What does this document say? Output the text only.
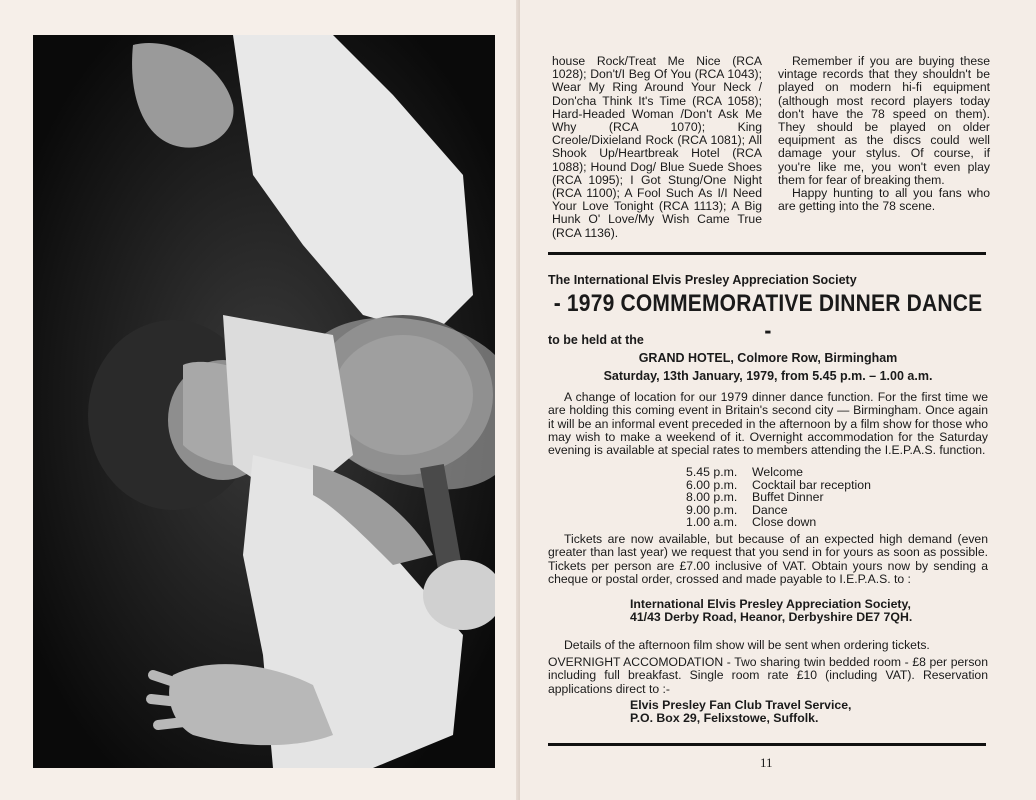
house Rock/Treat Me Nice (RCA 1028); Don't/I Beg Of You (RCA 1043); Wear My Ring Around Your Neck / Don'cha Think It's Time (RCA 1058); Hard-Headed Woman /Don't Ask Me Why (RCA 1070); King Creole/Dixieland Rock (RCA 1081); All Shook Up/Heartbreak Hotel (RCA 1088); Hound Dog/ Blue Suede Shoes (RCA 1095); I Got Stung/One Night (RCA 1100); A Fool Such As I/I Need Your Love Tonight (RCA 1113); A Big Hunk O' Love/My Wish Came True (RCA 1136).

Remember if you are buying these vintage records that they shouldn't be played on modern hi-fi equipment (although most record players today don't have the 78 speed on them). They should be played on older equipment as the discs could well damage your stylus. Of course, if you're like me, you won't even play them for fear of breaking them.

Happy hunting to all you fans who are getting into the 78 scene.

The International Elvis Presley Appreciation Society
- 1979 COMMEMORATIVE DINNER DANCE -
to be held at the
GRAND HOTEL, Colmore Row, Birmingham
Saturday, 13th January, 1979, from 5.45 p.m. – 1.00 a.m.
A change of location for our 1979 dinner dance function. For the first time we are holding this coming event in Britain's second city — Birmingham. Once again it will be an informal event preceded in the afternoon by a film show for those who may wish to make a weekend of it. Overnight accommodation for the Saturday evening is available at special rates to members attending the I.E.P.A.S. function.
5.45 p.m.	Welcome
6.00 p.m.	Cocktail bar reception
8.00 p.m.	Buffet Dinner
9.00 p.m.	Dance
1.00 a.m.	Close down
Tickets are now available, but because of an expected high demand (even greater than last year) we request that you send in for yours as soon as possible. Tickets per person are £7.00 inclusive of VAT. Obtain yours now by sending a cheque or postal order, crossed and made payable to I.E.P.A.S. to :
International Elvis Presley Appreciation Society,
41/43 Derby Road, Heanor, Derbyshire DE7 7QH.
Details of the afternoon film show will be sent when ordering tickets.
OVERNIGHT ACCOMODATION - Two sharing twin bedded room - £8 per person including full breakfast. Single room rate £10 (including VAT). Reservation applications direct to :-
Elvis Presley Fan Club Travel Service,
P.O. Box 29, Felixstowe, Suffolk.
11
